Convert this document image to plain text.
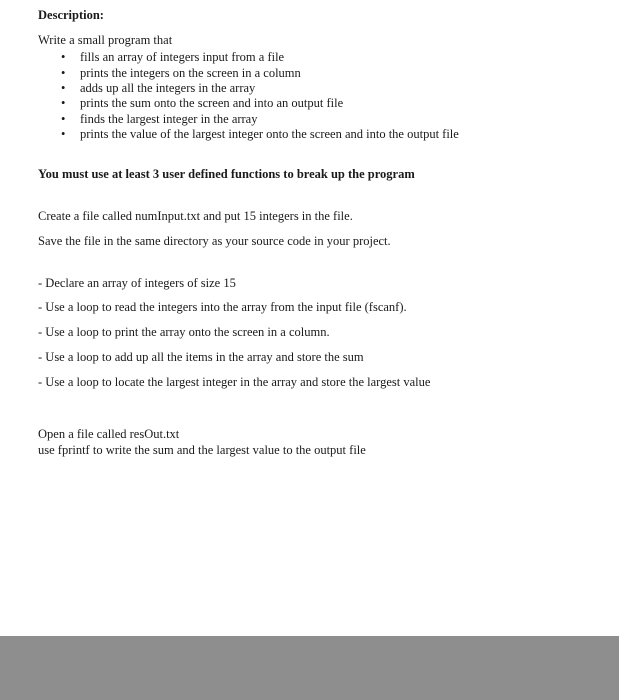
Description:
Write a small program that
• fills an array of integers input from a file
• prints the integers on the screen in a column
• adds up all the integers in the array
• prints the sum onto the screen and into an output file
• finds the largest integer in the array
• prints the value of the largest integer onto the screen and into the output file
You must use at least 3 user defined functions to break up the program
Create a file called numInput.txt and put 15 integers in the file.
Save the file in the same directory as your source code in your project.
- Declare an array of integers of size 15
- Use a loop to read the integers into the array from the input file (fscanf).
- Use a loop to print the array onto the screen in a column.
- Use a loop to add up all the items in the array and store the sum
- Use a loop to locate the largest integer in the array and store the largest value
Open a file called resOut.txt
use fprintf to write the sum and the largest value to the output file
